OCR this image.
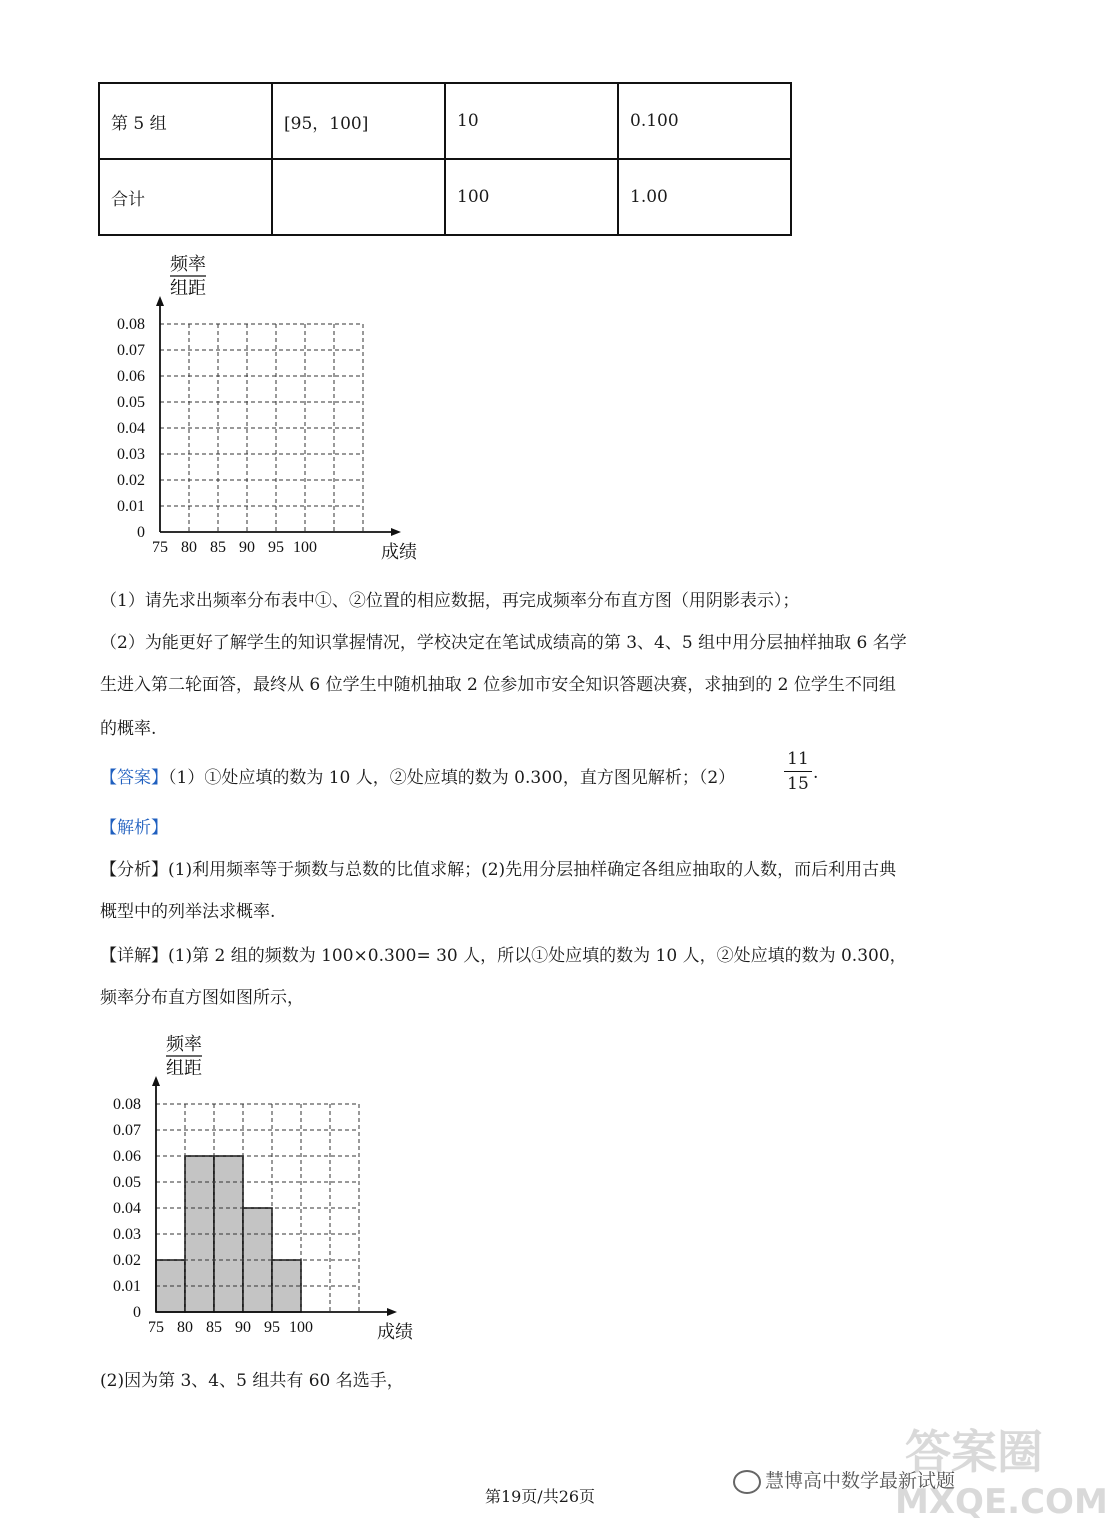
第 5 组	[95，100]	10	0.100
合计		100	1.00
0
0.01
0.02
0.03
0.04
0.05
0.06
0.07
0.08
75 80 85 90 95 100	成绩
频率
组距
（1）请先求出频率分布表中①、②位置的相应数据，再完成频率分布直方图（用阴影表示）；
（2）为能更好了解学生的知识掌握情况，学校决定在笔试成绩高的第 3、4、5 组中用分层抽样抽取 6 名学
生进入第二轮面答，最终从 6 位学生中随机抽取 2 位参加市安全知识答题决赛，求抽到的 2 位学生不同组
的概率.
【答案】（1）①处应填的数为 10 人，②处应填的数为 0.300，直方图见解析；（2）
11
15
.
【解析】
【分析】(1)利用频率等于频数与总数的比值求解；(2)先用分层抽样确定各组应抽取的人数，而后利用古典
概型中的列举法求概率.
【详解】(1)第 2 组的频数为 100×0.300= 30 人，所以①处应填的数为 10 人，②处应填的数为 0.300，
频率分布直方图如图所示，
0
0.01
0.02
0.03
0.04
0.05
0.06
0.07
0.08
75 80 85 90 95 100	成绩
频率
组距
(2)因为第 3、4、5 组共有 60 名选手，
第19页/共26页
慧博高中数学最新试题
答案圈
MXQE.COM
